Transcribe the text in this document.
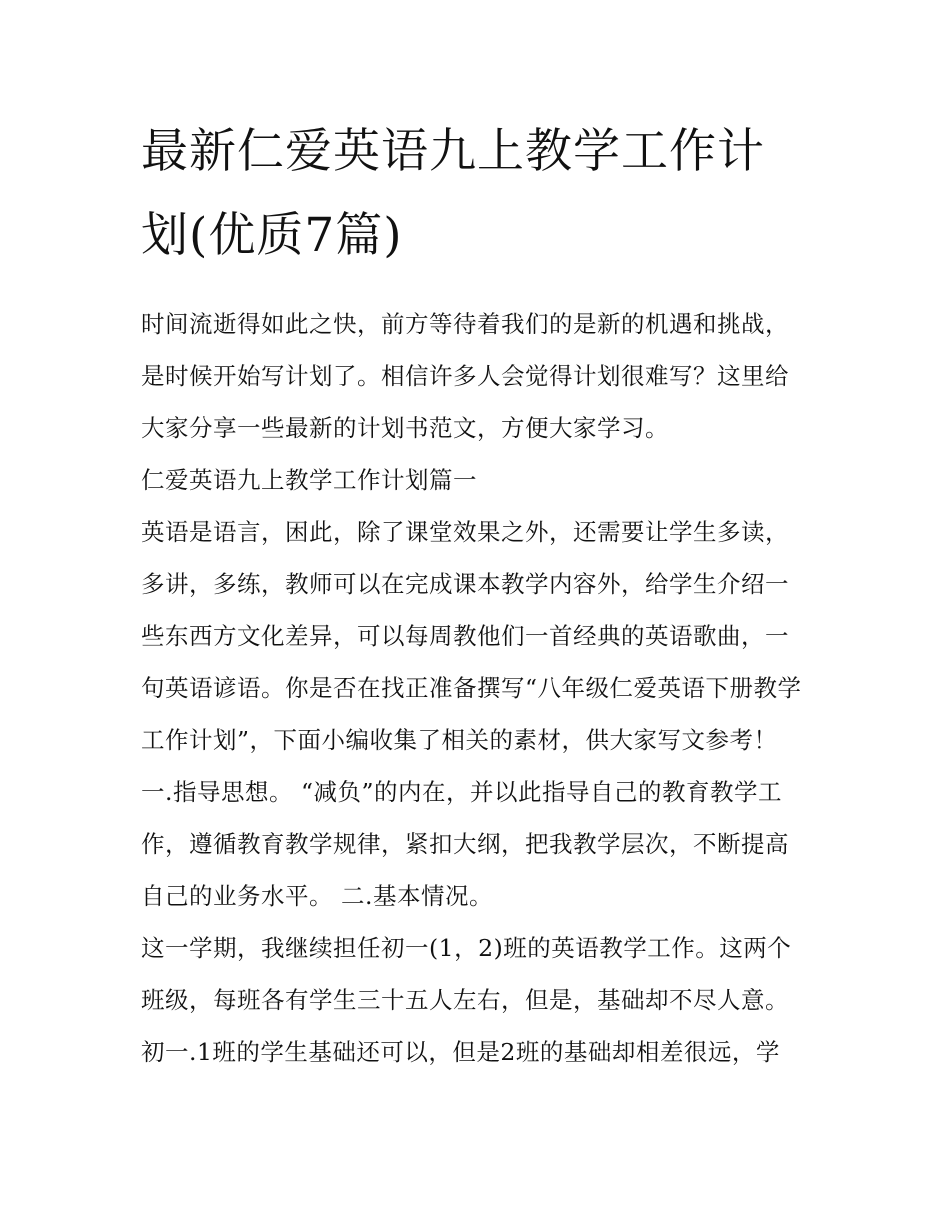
最新仁爱英语九上教学工作计划(优质7篇)

时间流逝得如此之快，前方等待着我们的是新的机遇和挑战，是时候开始写计划了。相信许多人会觉得计划很难写？这里给大家分享一些最新的计划书范文，方便大家学习。

仁爱英语九上教学工作计划篇一

英语是语言，困此，除了课堂效果之外，还需要让学生多读，多讲，多练，教师可以在完成课本教学内容外，给学生介绍一些东西方文化差异，可以每周教他们一首经典的英语歌曲，一句英语谚语。你是否在找正准备撰写“八年级仁爱英语下册教学工作计划”，下面小编收集了相关的素材，供大家写文参考！

一.指导思想。 “减负”的内在，并以此指导自己的教育教学工作，遵循教育教学规律，紧扣大纲，把我教学层次，不断提高自己的业务水平。 二.基本情况。

这一学期，我继续担任初一(1，2)班的英语教学工作。这两个班级，每班各有学生三十五人左右，但是，基础却不尽人意。初一.1班的学生基础还可以，但是2班的基础却相差很远，学
